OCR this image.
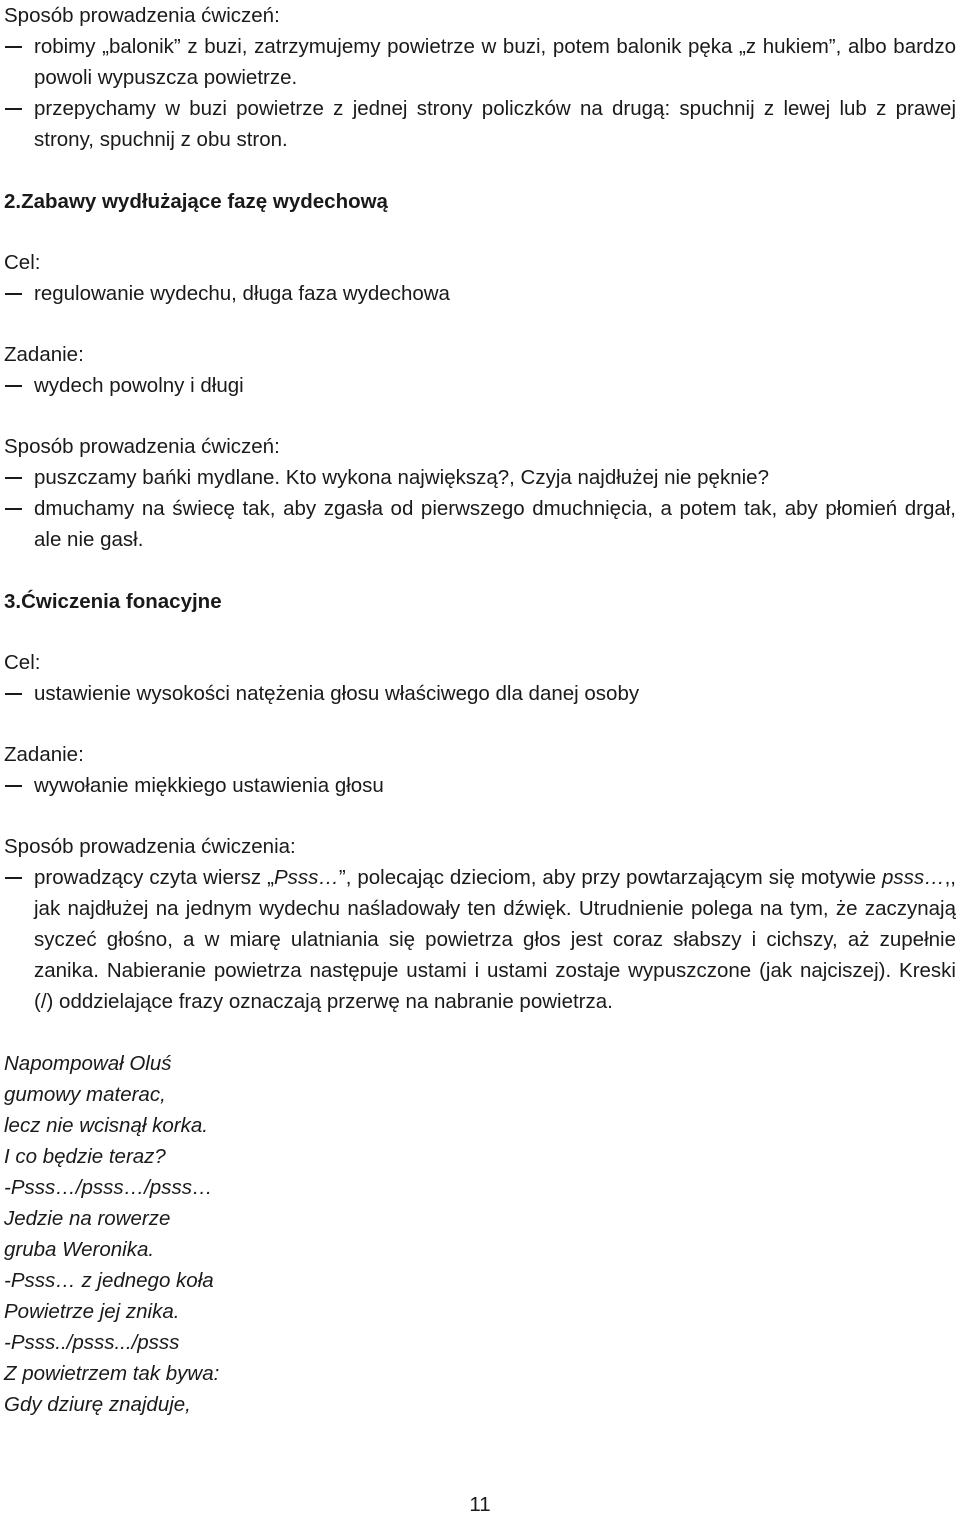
Sposób prowadzenia ćwiczeń:
robimy „balonik” z buzi, zatrzymujemy powietrze w buzi, potem balonik pęka „z hukiem”, albo bardzo powoli wypuszcza powietrze.
przepychamy w buzi powietrze z jednej strony policzków na drugą: spuchnij z lewej lub z prawej strony, spuchnij z obu stron.
2.Zabawy wydłużające fazę wydechową
Cel:
regulowanie wydechu, długa faza wydechowa
Zadanie:
wydech powolny i długi
Sposób prowadzenia ćwiczeń:
puszczamy bańki mydlane. Kto wykona największą?, Czyja najdłużej nie pęknie?
dmuchamy na świecę tak, aby zgasła od pierwszego dmuchnięcia, a potem tak, aby płomień drgał, ale nie gasł.
3.Ćwiczenia fonacyjne
Cel:
ustawienie wysokości natężenia głosu właściwego dla danej osoby
Zadanie:
wywołanie miękkiego ustawienia głosu
Sposób prowadzenia ćwiczenia:
prowadzący czyta wiersz „Psss…”, polecając dzieciom, aby przy powtarzającym się motywie psss…,, jak najdłużej na jednym wydechu naśladowały ten dźwięk. Utrudnienie polega na tym, że zaczynają syczeć głośno, a w miarę ulatniania się powietrza głos jest coraz słabszy i cichszy, aż zupełnie zanika. Nabieranie powietrza następuje ustami i ustami zostaje wypuszczone (jak najciszej). Kreski (/) oddzielające frazy oznaczają przerwę na nabranie powietrza.
Napompował Oluś
gumowy materac,
lecz nie wcisnął korka.
I co będzie teraz?
-Psss…/psss…/psss…
Jedzie na rowerze
gruba Weronika.
-Psss… z jednego koła
Powietrze jej znika.
-Psss../psss.../psss
Z powietrzem tak bywa:
Gdy dziurę znajduje,
11
